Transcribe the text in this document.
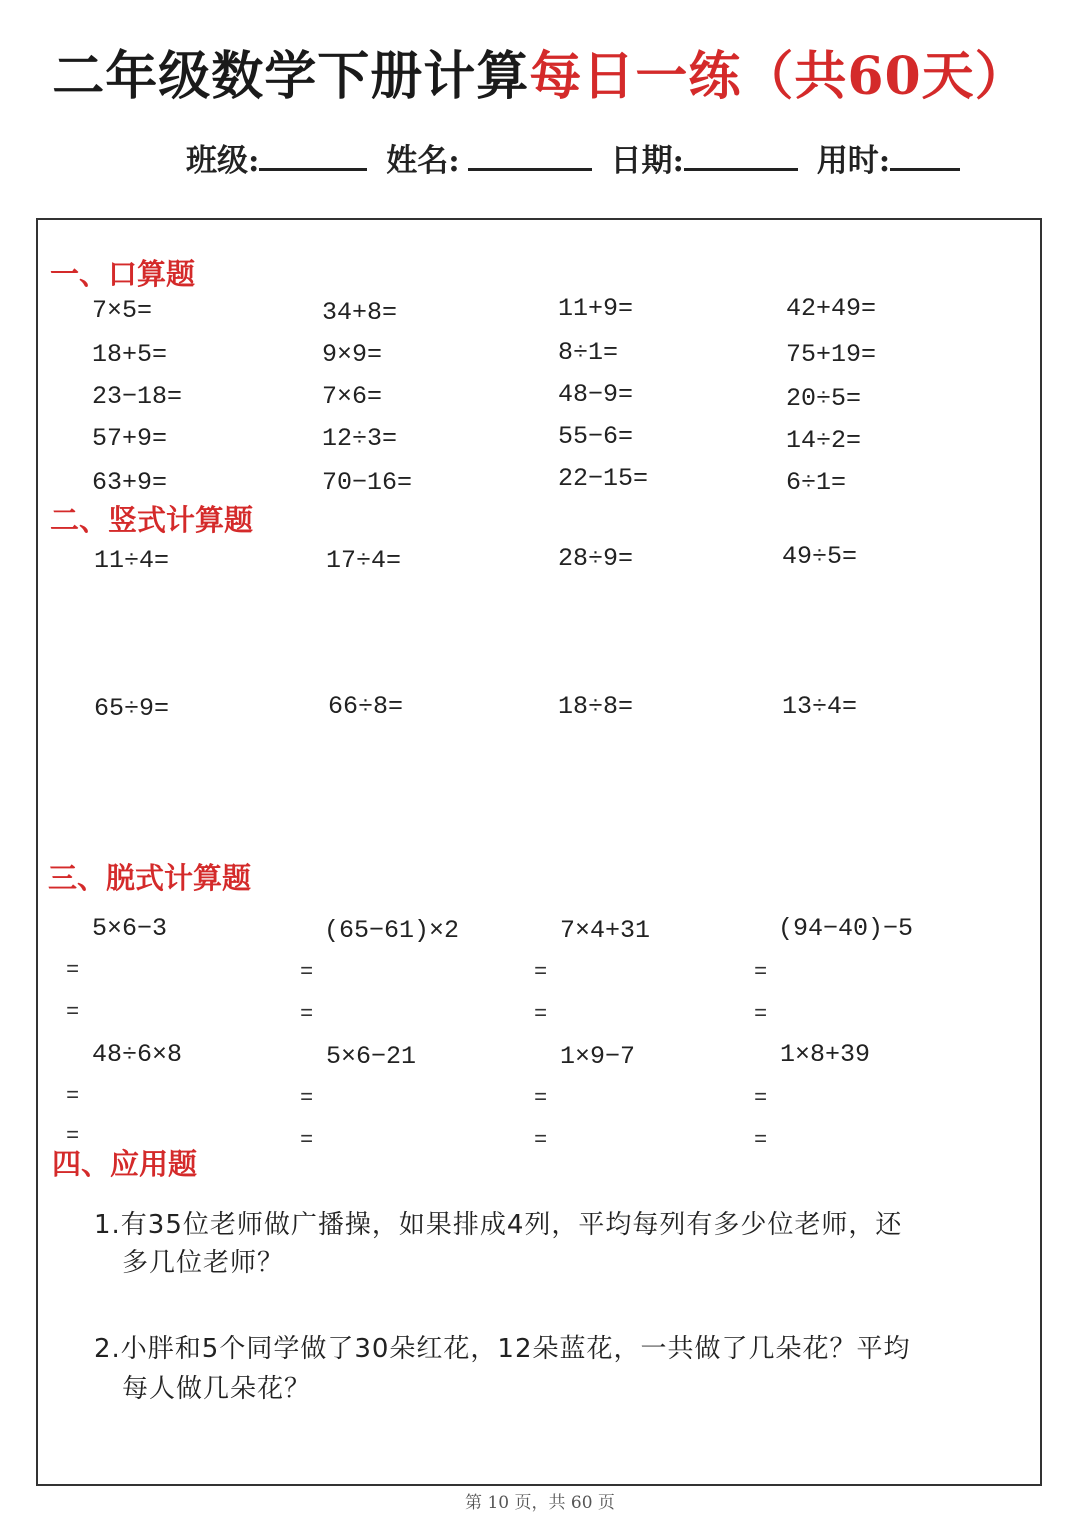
二年级数学下册计算每日一练（共60天）
班级:	姓名:	日期:	用时:
一、口算题
7×5=	34+8=	11+9=	42+49=
18+5=	9×9=	8÷1=	75+19=
23−18=	7×6=	48−9=	20÷5=
57+9=	12÷3=	55−6=	14÷2=
63+9=	70−16=	22−15=	6÷1=
二、竖式计算题
11÷4=	17÷4=	28÷9=	49÷5=
65÷9=	66÷8=	18÷8=	13÷4=
三、脱式计算题
5×6−3	(65−61)×2	7×4+31	(94−40)−5
=	=	=	=
=	=	=	=
48÷6×8	5×6−21	1×9−7	1×8+39
=	=	=	=
=	=	=	=
四、应用题
1.有35位老师做广播操，如果排成4列，平均每列有多少位老师，还
多几位老师？
2.小胖和5个同学做了30朵红花，12朵蓝花，一共做了几朵花？平均
每人做几朵花？
第 10 页，共 60 页
